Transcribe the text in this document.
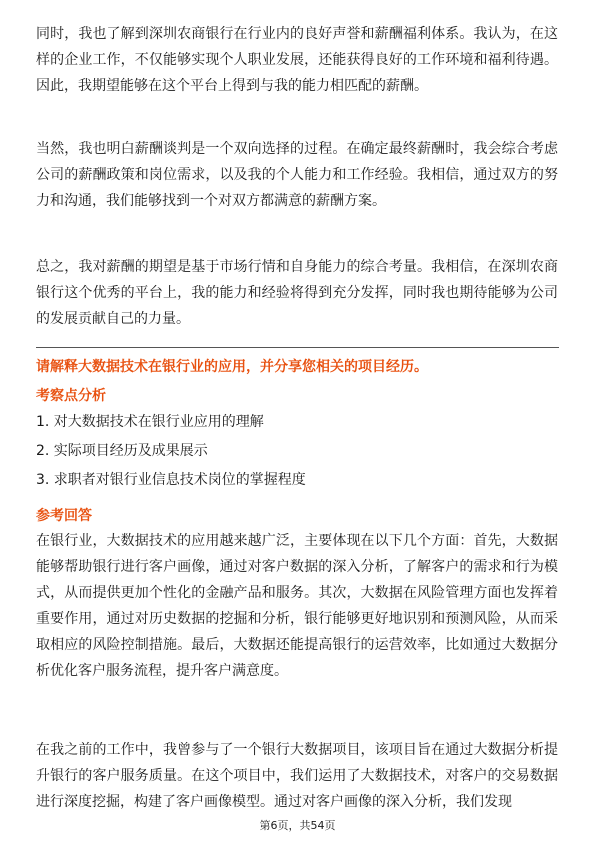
同时，我也了解到深圳农商银行在行业内的良好声誉和薪酬福利体系。我认为，在这样的企业工作，不仅能够实现个人职业发展，还能获得良好的工作环境和福利待遇。因此，我期望能够在这个平台上得到与我的能力相匹配的薪酬。

当然，我也明白薪酬谈判是一个双向选择的过程。在确定最终薪酬时，我会综合考虑公司的薪酬政策和岗位需求，以及我的个人能力和工作经验。我相信，通过双方的努力和沟通，我们能够找到一个对双方都满意的薪酬方案。

总之，我对薪酬的期望是基于市场行情和自身能力的综合考量。我相信，在深圳农商银行这个优秀的平台上，我的能力和经验将得到充分发挥，同时我也期待能够为公司的发展贡献自己的力量。

请解释大数据技术在银行业的应用，并分享您相关的项目经历。

考察点分析

1. 对大数据技术在银行业应用的理解

2. 实际项目经历及成果展示

3. 求职者对银行业信息技术岗位的掌握程度

参考回答

在银行业，大数据技术的应用越来越广泛，主要体现在以下几个方面：首先，大数据能够帮助银行进行客户画像，通过对客户数据的深入分析，了解客户的需求和行为模式，从而提供更加个性化的金融产品和服务。其次，大数据在风险管理方面也发挥着重要作用，通过对历史数据的挖掘和分析，银行能够更好地识别和预测风险，从而采取相应的风险控制措施。最后，大数据还能提高银行的运营效率，比如通过大数据分析优化客户服务流程，提升客户满意度。

在我之前的工作中，我曾参与了一个银行大数据项目，该项目旨在通过大数据分析提升银行的客户服务质量。在这个项目中，我们运用了大数据技术，对客户的交易数据进行深度挖掘，构建了客户画像模型。通过对客户画像的深入分析，我们发现

第6页，共54页
